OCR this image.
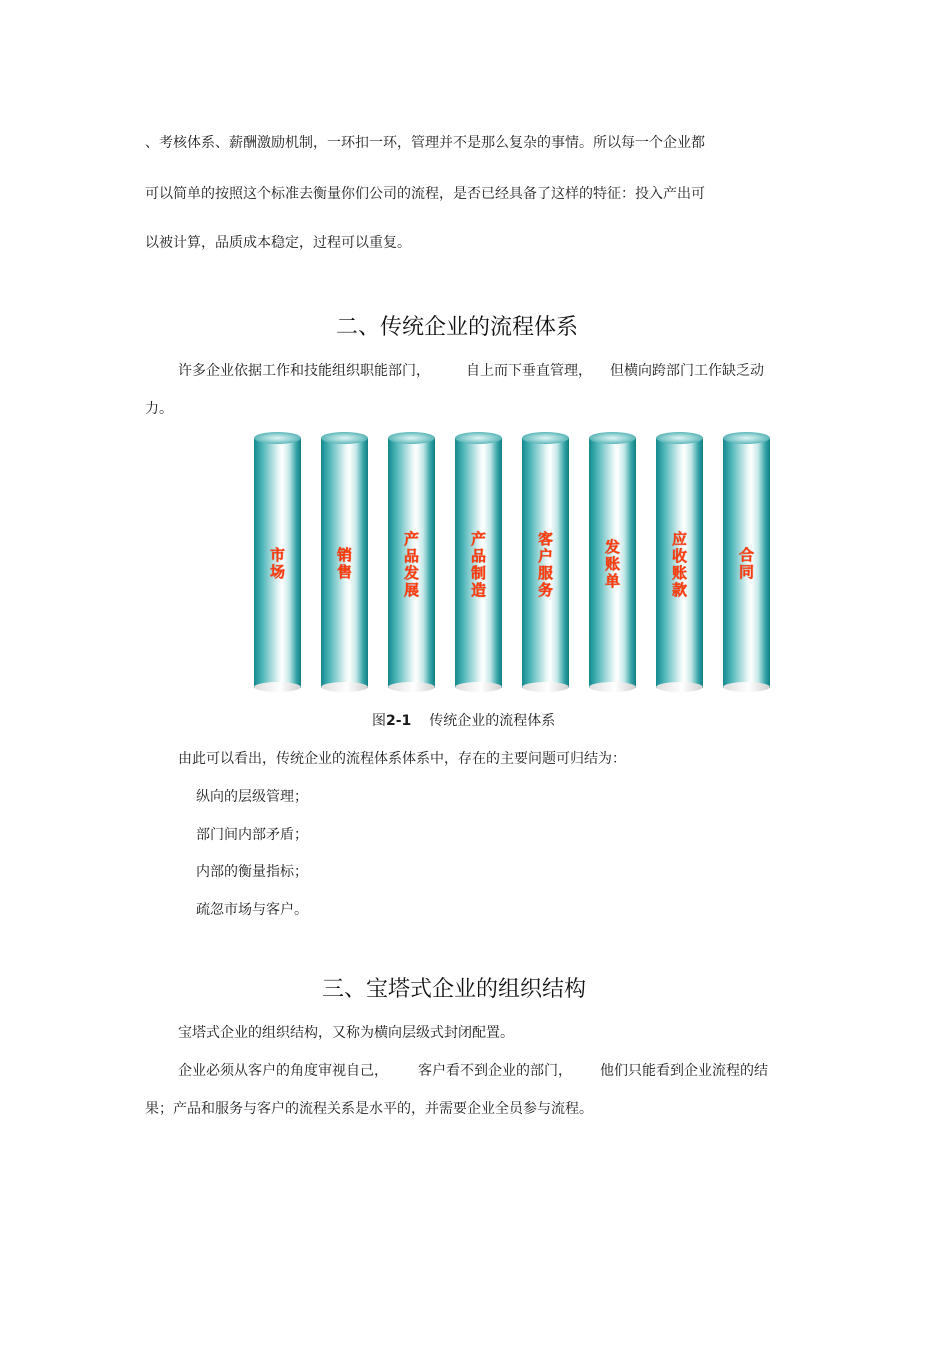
、考核体系、薪酬激励机制，一环扣一环，管理并不是那么复杂的事情。所以每一个企业都
可以简单的按照这个标准去衡量你们公司的流程，是否已经具备了这样的特征：投入产出可
以被计算，品质成本稳定，过程可以重复。
二、传统企业的流程体系
许多企业依据工作和技能组织职能部门，	自上而下垂直管理， 但横向跨部门工作缺乏动
力。
市
场
销
售
产
品
发
展
产
品
制
造
客
户
服
务
发
账
单
应
收
账
款
合
同
图2-1 传统企业的流程体系
由此可以看出，传统企业的流程体系体系中，存在的主要问题可归结为：
纵向的层级管理；
部门间内部矛盾；
内部的衡量指标；
疏忽市场与客户。
三、宝塔式企业的组织结构
宝塔式企业的组织结构，又称为横向层级式封闭配置。
企业必须从客户的角度审视自己， 客户看不到企业的部门， 他们只能看到企业流程的结
果；产品和服务与客户的流程关系是水平的，并需要企业全员参与流程。
